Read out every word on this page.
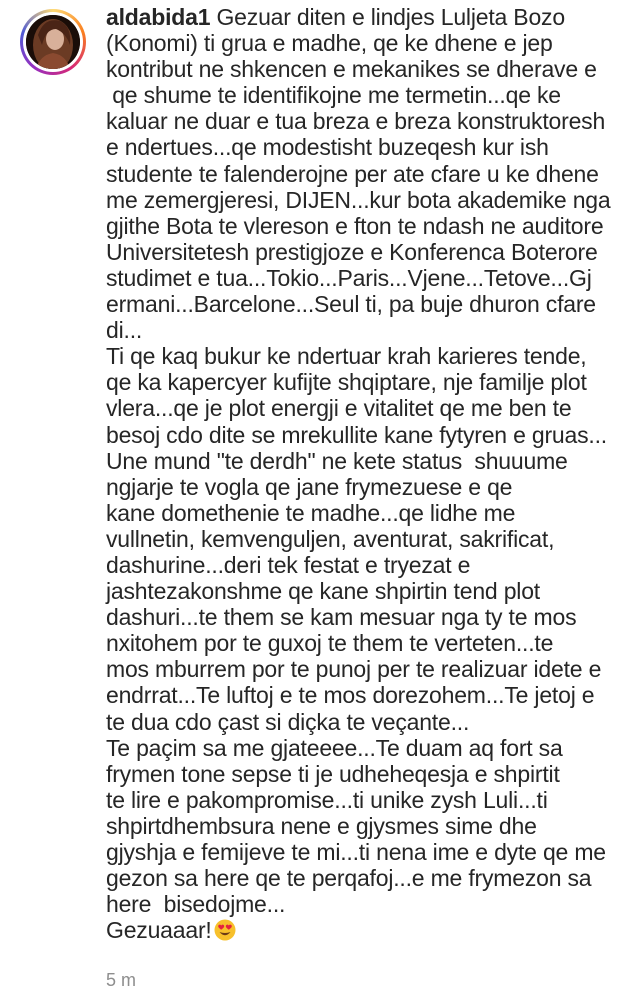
aldabida1 Gezuar diten e lindjes Luljeta Bozo
(Konomi) ti grua e madhe, qe ke dhene e jep
kontribut ne shkencen e mekanikes se dherave e
qe shume te identifikojne me termetin...qe ke
kaluar ne duar e tua breza e breza konstruktoresh
e ndertues...qe modestisht buzeqesh kur ish
studente te falenderojne per ate cfare u ke dhene
me zemergjeresi, DIJEN...kur bota akademike nga
gjithe Bota te vlereson e fton te ndash ne auditore
Universitetesh prestigjoze e Konferenca Boterore
studimet e tua...Tokio...Paris...Vjene...Tetove...Gj
ermani...Barcelone...Seul ti, pa buje dhuron cfare
di...
Ti qe kaq bukur ke ndertuar krah karieres tende,
qe ka kapercyer kufijte shqiptare, nje familje plot
vlera...qe je plot energji e vitalitet qe me ben te
besoj cdo dite se mrekullite kane fytyren e gruas...
Une mund "te derdh" ne kete status  shuuume
ngjarje te vogla qe jane frymezuese e qe
kane domethenie te madhe...qe lidhe me
vullnetin, kemvenguljen, aventurat, sakrificat,
dashurine...deri tek festat e tryezat e
jashtezakonshme qe kane shpirtin tend plot
dashuri...te them se kam mesuar nga ty te mos
nxitohem por te guxoj te them te verteten...te
mos mburrem por te punoj per te realizuar idete e
endrrat...Te luftoj e te mos dorezohem...Te jetoj e
te dua cdo çast si diçka te veçante...
Te paçim sa me gjateeee...Te duam aq fort sa
frymen tone sepse ti je udheheqesja e shpirtit
te lire e pakompromise...ti unike zysh Luli...ti
shpirtdhembsura nene e gjysmes sime dhe
gjyshja e femijeve te mi...ti nena ime e dyte qe me
gezon sa here qe te perqafoj...e me frymezon sa
here  bisedojme...
Gezuaaar!
5 m
